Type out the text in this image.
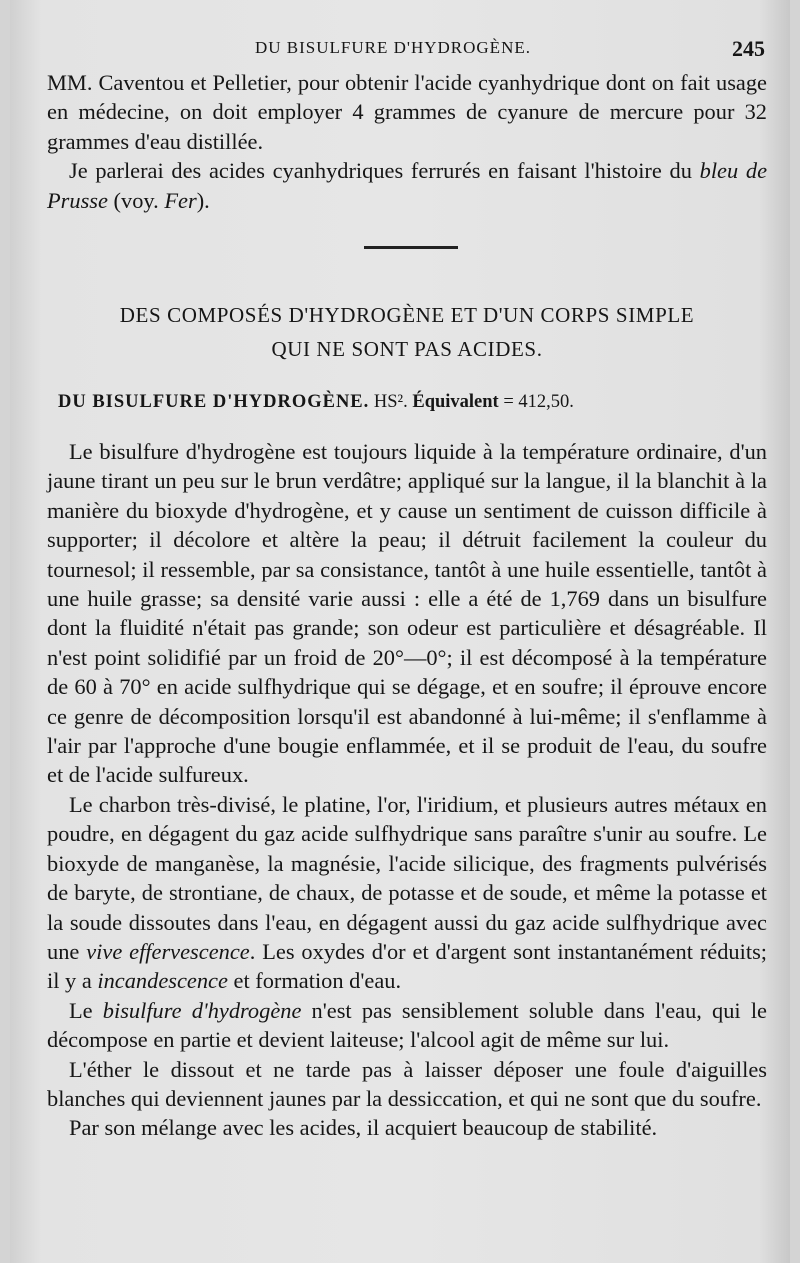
DU BISULFURE D'HYDROGÈNE.	245

MM. Caventou et Pelletier, pour obtenir l'acide cyanhydrique dont on fait usage en médecine, on doit employer 4 grammes de cyanure de mercure pour 32 grammes d'eau distillée.

Je parlerai des acides cyanhydriques ferrurés en faisant l'histoire du bleu de Prusse (voy. Fer).

DES COMPOSÉS D'HYDROGÈNE ET D'UN CORPS SIMPLE
QUI NE SONT PAS ACIDES.
DU BISULFURE D'HYDROGÈNE. HS². Équivalent = 412,50.

Le bisulfure d'hydrogène est toujours liquide à la température ordinaire, d'un jaune tirant un peu sur le brun verdâtre; appliqué sur la langue, il la blanchit à la manière du bioxyde d'hydrogène, et y cause un sentiment de cuisson difficile à supporter; il décolore et altère la peau; il détruit facilement la couleur du tournesol; il ressemble, par sa consistance, tantôt à une huile essentielle, tantôt à une huile grasse; sa densité varie aussi : elle a été de 1,769 dans un bisulfure dont la fluidité n'était pas grande; son odeur est particulière et désagréable. Il n'est point solidifié par un froid de 20°—0°; il est décomposé à la température de 60 à 70° en acide sulfhydrique qui se dégage, et en soufre; il éprouve encore ce genre de décomposition lorsqu'il est abandonné à lui-même; il s'enflamme à l'air par l'approche d'une bougie enflammée, et il se produit de l'eau, du soufre et de l'acide sulfureux.

Le charbon très-divisé, le platine, l'or, l'iridium, et plusieurs autres métaux en poudre, en dégagent du gaz acide sulfhydrique sans paraître s'unir au soufre. Le bioxyde de manganèse, la magnésie, l'acide silicique, des fragments pulvérisés de baryte, de strontiane, de chaux, de potasse et de soude, et même la potasse et la soude dissoutes dans l'eau, en dégagent aussi du gaz acide sulfhydrique avec une vive effervescence. Les oxydes d'or et d'argent sont instantanément réduits; il y a incandescence et formation d'eau.

Le bisulfure d'hydrogène n'est pas sensiblement soluble dans l'eau, qui le décompose en partie et devient laiteuse; l'alcool agit de même sur lui.

L'éther le dissout et ne tarde pas à laisser déposer une foule d'aiguilles blanches qui deviennent jaunes par la dessiccation, et qui ne sont que du soufre.

Par son mélange avec les acides, il acquiert beaucoup de stabilité.
